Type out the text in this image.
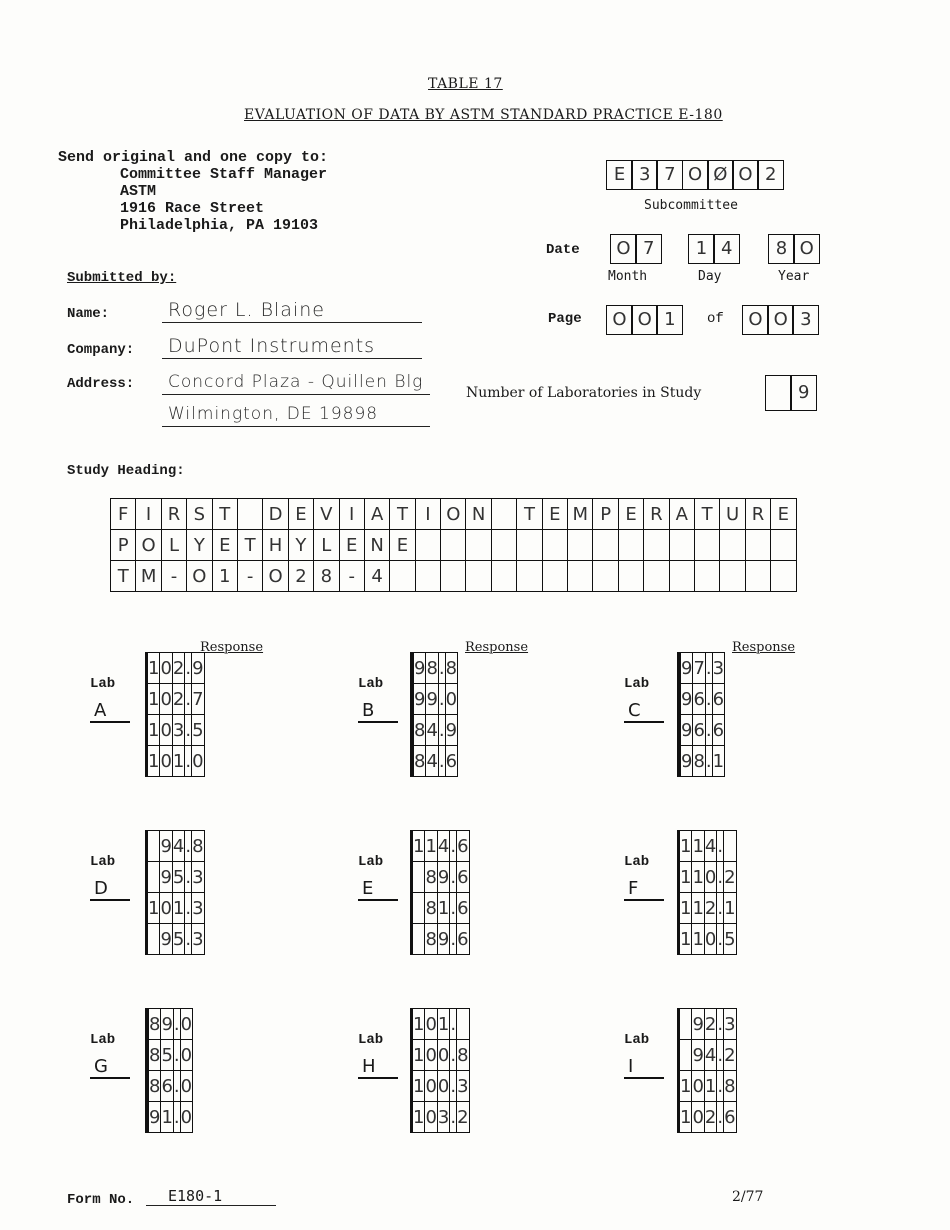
TABLE 17
EVALUATION OF DATA BY ASTM STANDARD PRACTICE E-180
Send original and one copy to:
Committee Staff Manager
ASTM
1916 Race Street
Philadelphia, PA 19103
E 3 7 O Ø O 2
Subcommittee
Date	O 7	1 4	8 O
Month	Day	Year
Page	O O 1	of	O O 3
Submitted by:
Name:	Roger L. Blaine
Company:	DuPont Instruments
Address:	Concord Plaza - Quillen Blg
Wilmington, DE 19898
Number of Laboratories in Study	9
Study Heading:
F	I	R	S	T		D	E	V	I	A	T	I	O	N		T	E	M	P	E	R	A	T	U	R	E
P	O	L	Y	E	T	H	Y	L	E	N	E															
T	M	-	O	1	-	O	2	8	-	4																
Response
Lab
A
		1	0	2	.	9
		1	0	2	.	7
		1	0	3	.	5
		1	0	1	.	0
Response
Lab
B
			9	8	.	8
			9	9	.	0
			8	4	.	9
			8	4	.	6
Response
Lab
C
			9	7	.	3
			9	6	.	6
			9	6	.	6
			9	8	.	1
Lab
D
			9	4	.	8
			9	5	.	3
		1	0	1	.	3
			9	5	.	3
Lab
E
		1	1	4	.	6
			8	9	.	6
			8	1	.	6
			8	9	.	6
Lab
F
		1	1	4	.	
		1	1	0	.	2
		1	1	2	.	1
		1	1	0	.	5
Lab
G
			8	9	.	0
			8	5	.	0
			8	6	.	0
			9	1	.	0
Lab
H
		1	0	1	.	
		1	0	0	.	8
		1	0	0	.	3
		1	0	3	.	2
Lab
I
			9	2	.	3
			9	4	.	2
		1	0	1	.	8
		1	0	2	.	6
Form No.	E180-1	2/77
